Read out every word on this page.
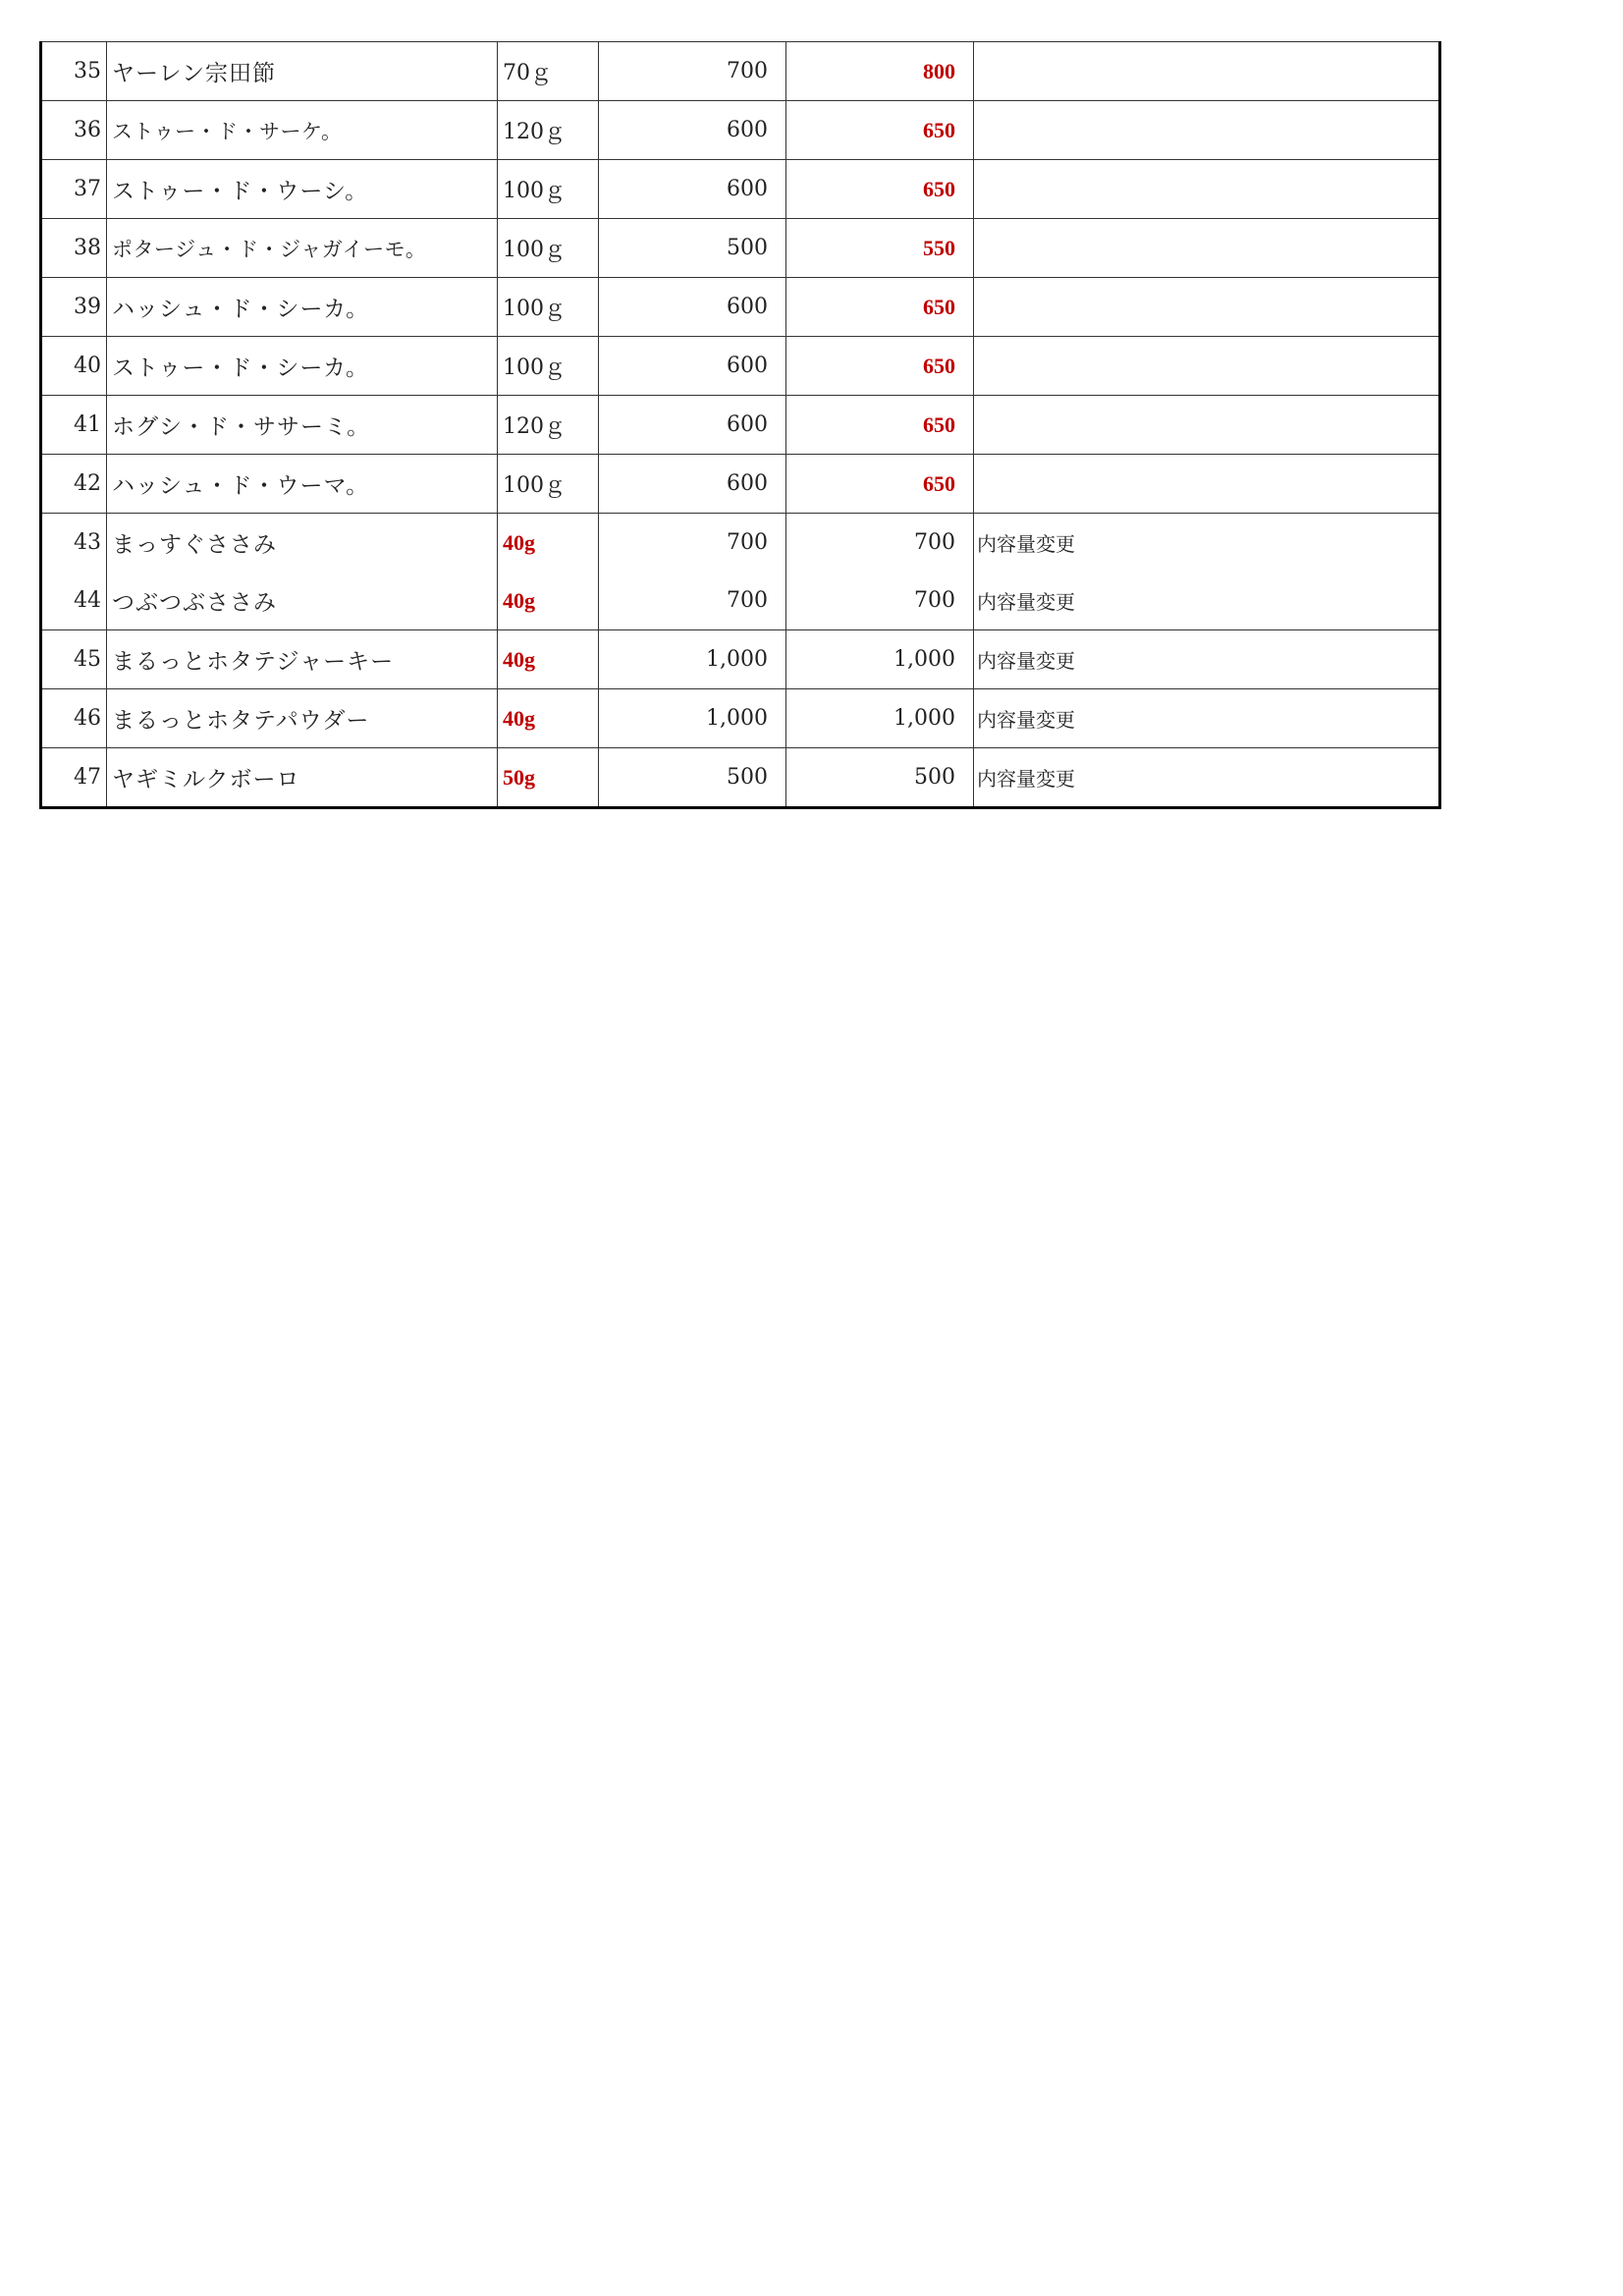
35	ヤーレン宗田節	70ｇ	700	800	
36	ストゥー・ド・サーケ。	120ｇ	600	650	
37	ストゥー・ド・ウーシ。	100ｇ	600	650	
38	ポタージュ・ド・ジャガイーモ。	100ｇ	500	550	
39	ハッシュ・ド・シーカ。	100ｇ	600	650	
40	ストゥー・ド・シーカ。	100ｇ	600	650	
41	ホグシ・ド・ササーミ。	120ｇ	600	650	
42	ハッシュ・ド・ウーマ。	100ｇ	600	650	
43	まっすぐささみ	40g	700	700	内容量変更
44	つぶつぶささみ	40g	700	700	内容量変更
45	まるっとホタテジャーキー	40g	1,000	1,000	内容量変更
46	まるっとホタテパウダー	40g	1,000	1,000	内容量変更
47	ヤギミルクボーロ	50g	500	500	内容量変更
